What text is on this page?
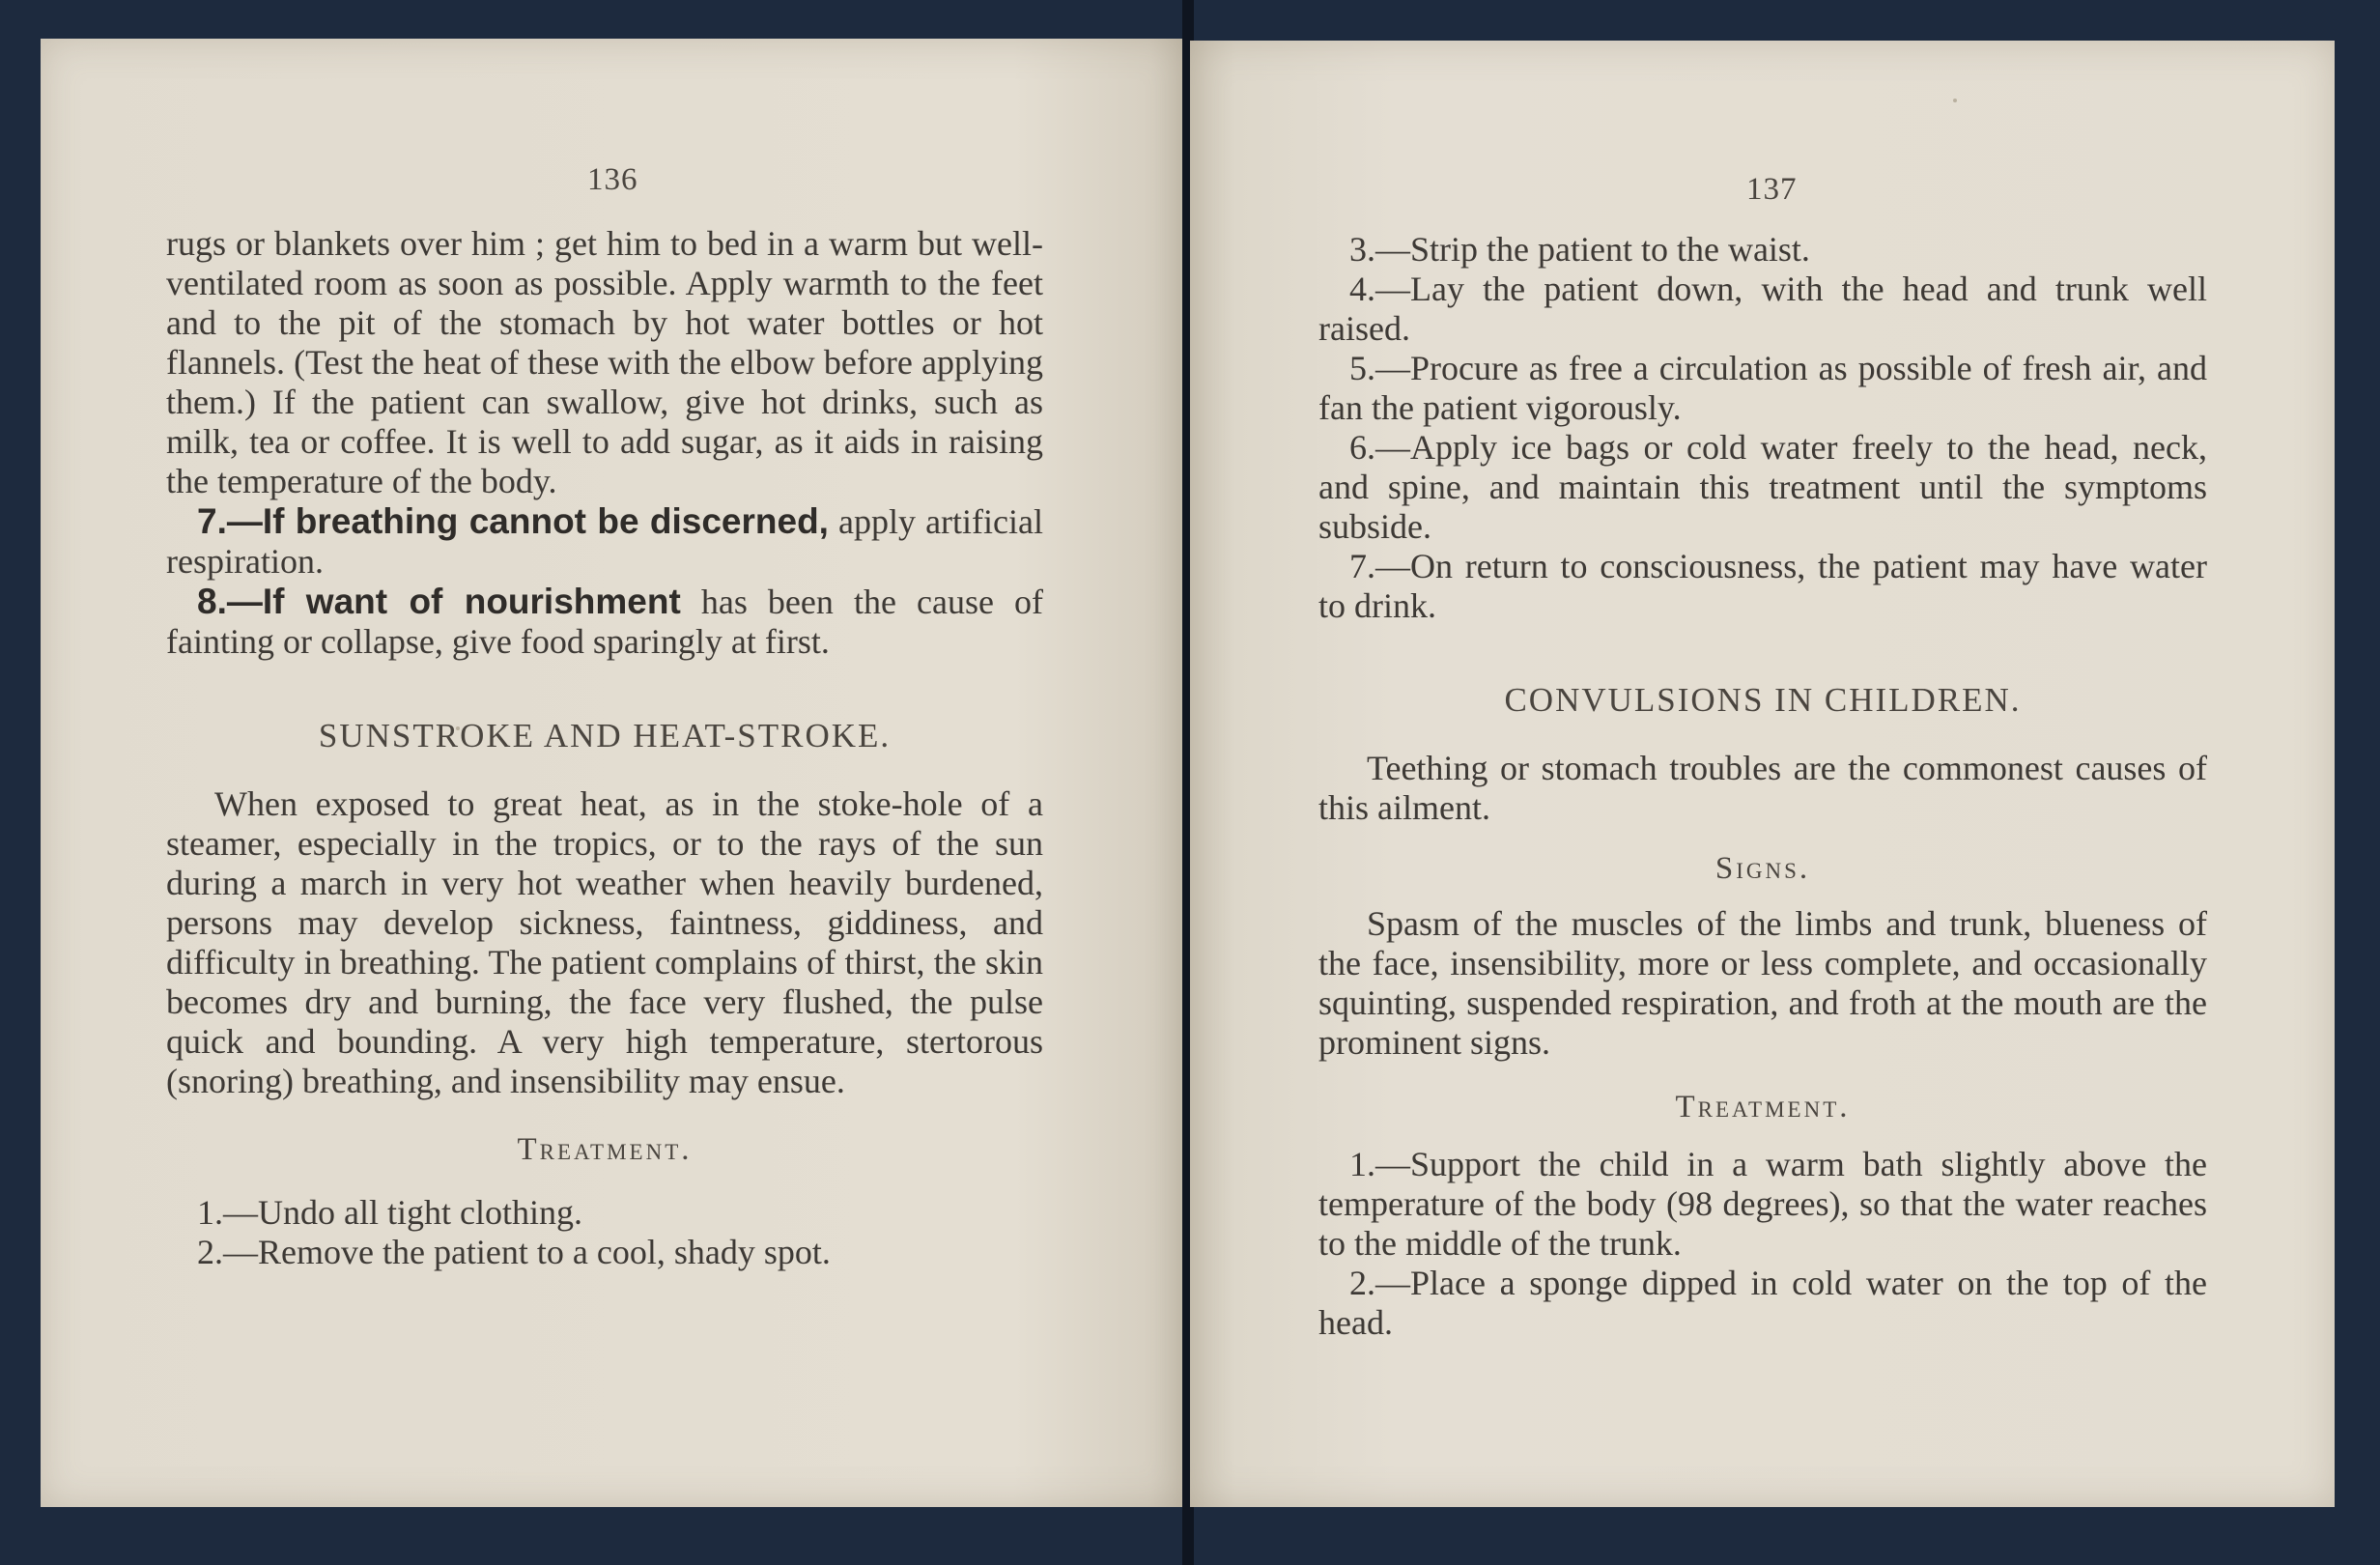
136

rugs or blankets over him ; get him to bed in a warm but well-ventilated room as soon as possible. Apply warmth to the feet and to the pit of the stomach by hot water bottles or hot flannels. (Test the heat of these with the elbow before applying them.) If the patient can swallow, give hot drinks, such as milk, tea or coffee. It is well to add sugar, as it aids in raising the temperature of the body.

7.—If breathing cannot be discerned, apply artificial respiration.

8.—If want of nourishment has been the cause of fainting or collapse, give food sparingly at first.

SUNSTROKE AND HEAT-STROKE.

When exposed to great heat, as in the stoke-hole of a steamer, especially in the tropics, or to the rays of the sun during a march in very hot weather when heavily burdened, persons may develop sickness, faintness, giddiness, and difficulty in breathing. The patient complains of thirst, the skin becomes dry and burning, the face very flushed, the pulse quick and bounding. A very high temperature, stertorous (snoring) breathing, and insensibility may ensue.

Treatment.

1.—Undo all tight clothing.

2.—Remove the patient to a cool, shady spot.

137

3.—Strip the patient to the waist.

4.—Lay the patient down, with the head and trunk well raised.

5.—Procure as free a circulation as possible of fresh air, and fan the patient vigorously.

6.—Apply ice bags or cold water freely to the head, neck, and spine, and maintain this treatment until the symptoms subside.

7.—On return to consciousness, the patient may have water to drink.

CONVULSIONS IN CHILDREN.

Teething or stomach troubles are the commonest causes of this ailment.

Signs.

Spasm of the muscles of the limbs and trunk, blueness of the face, insensibility, more or less complete, and occasionally squinting, suspended respiration, and froth at the mouth are the prominent signs.

Treatment.

1.—Support the child in a warm bath slightly above the temperature of the body (98 degrees), so that the water reaches to the middle of the trunk.

2.—Place a sponge dipped in cold water on the top of the head.
